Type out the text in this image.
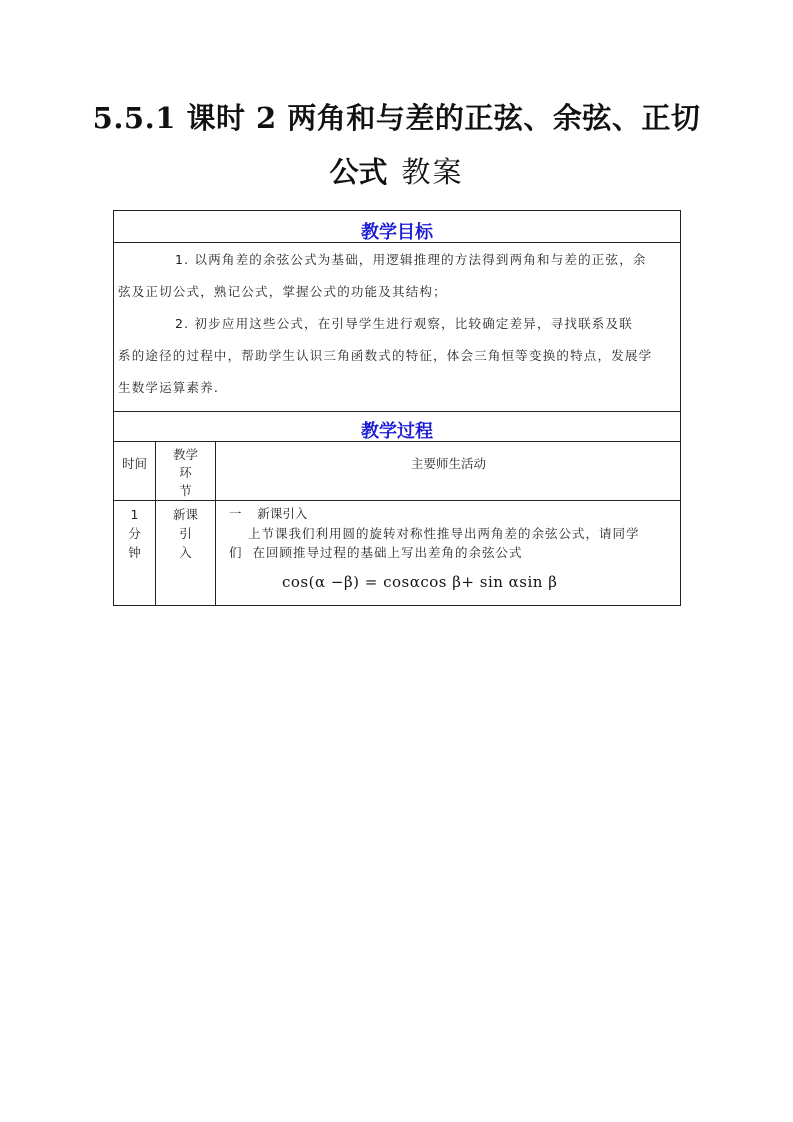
5.5.1 课时 2 两角和与差的正弦、余弦、正切
公式 教案
教学目标
1. 以两角差的余弦公式为基础，用逻辑推理的方法得到两角和与差的正弦，余
弦及正切公式，熟记公式，掌握公式的功能及其结构；
2. 初步应用这些公式，在引导学生进行观察，比较确定差异，寻找联系及联
系的途径的过程中，帮助学生认识三角函数式的特征，体会三角恒等变换的特点，发展学
生数学运算素养.
教学过程
时间
教学
环
节
主要师生活动
1
分
钟
新课
引
入
一    新课引入
上节课我们利用圆的旋转对称性推导出两角差的余弦公式，请同学
们  在回顾推导过程的基础上写出差角的余弦公式
cos(α −β) = cosαcos β+ sin αsin β
